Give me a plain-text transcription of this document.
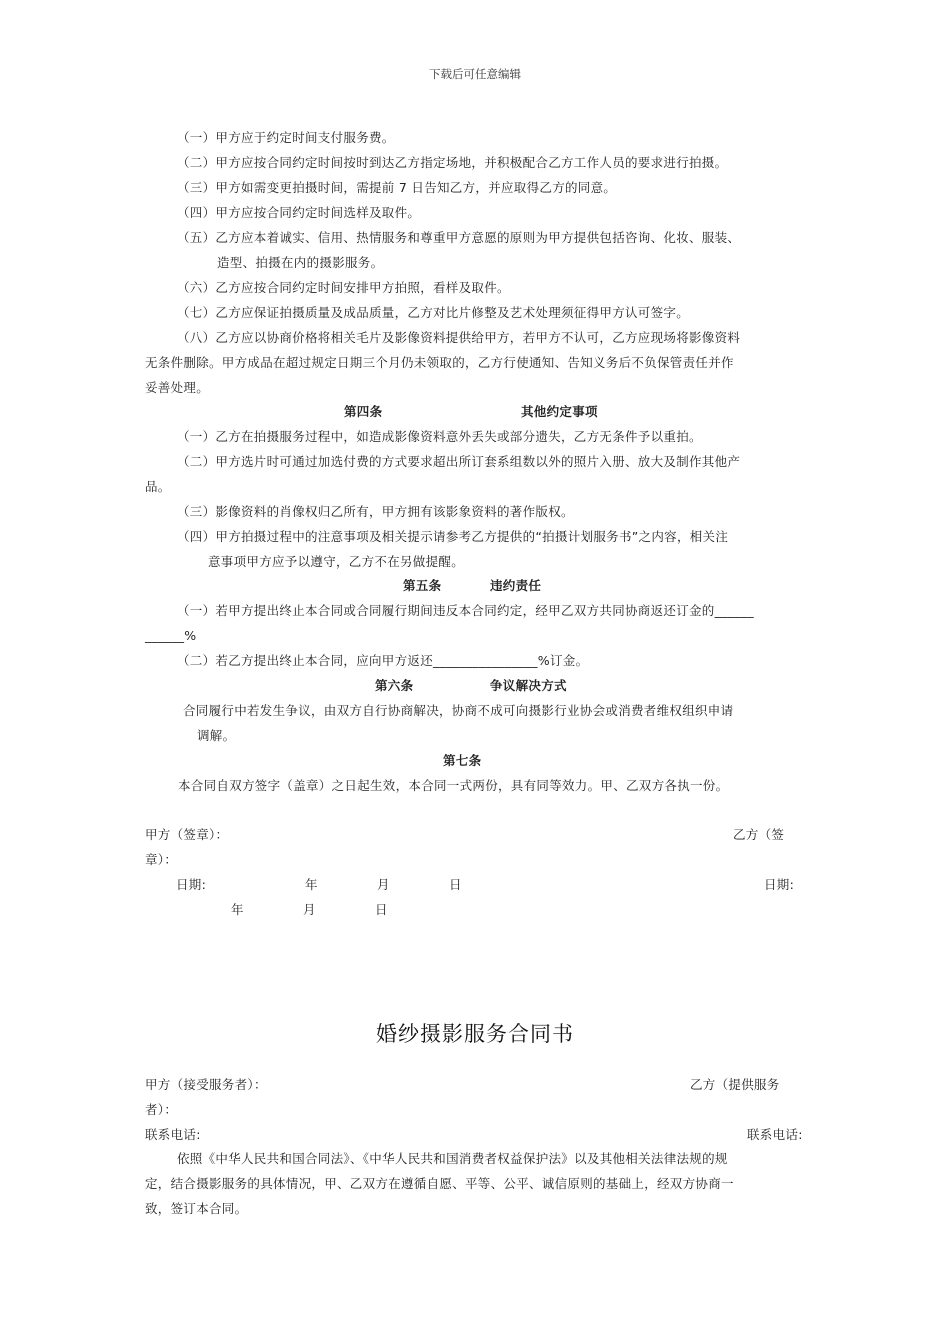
下载后可任意编辑
（一）甲方应于约定时间支付服务费。
（二）甲方应按合同约定时间按时到达乙方指定场地，并积极配合乙方工作人员的要求进行拍摄。
（三）甲方如需变更拍摄时间，需提前 7 日告知乙方，并应取得乙方的同意。
（四）甲方应按合同约定时间选样及取件。
（五）乙方应本着诚实、信用、热情服务和尊重甲方意愿的原则为甲方提供包括咨询、化妆、服装、
造型、拍摄在内的摄影服务。
（六）乙方应按合同约定时间安排甲方拍照，看样及取件。
（七）乙方应保证拍摄质量及成品质量，乙方对比片修整及艺术处理须征得甲方认可签字。
（八）乙方应以协商价格将相关毛片及影像资料提供给甲方，若甲方不认可，乙方应现场将影像资料
无条件删除。甲方成品在超过规定日期三个月仍未领取的，乙方行使通知、告知义务后不负保管责任并作
妥善处理。
第四条	其他约定事项
（一）乙方在拍摄服务过程中，如造成影像资料意外丢失或部分遗失，乙方无条件予以重拍。
（二）甲方选片时可通过加选付费的方式要求超出所订套系组数以外的照片入册、放大及制作其他产
品。
（三）影像资料的肖像权归乙所有，甲方拥有该影象资料的著作版权。
（四）甲方拍摄过程中的注意事项及相关提示请参考乙方提供的“拍摄计划服务书”之内容，相关注
意事项甲方应予以遵守，乙方不在另做提醒。
第五条	违约责任
（一）若甲方提出终止本合同或合同履行期间违反本合同约定，经甲乙双方共同协商返还订金的______
______%
（二）若乙方提出终止本合同，应向甲方返还________________%订金。
第六条	争议解决方式
合同履行中若发生争议，由双方自行协商解决，协商不成可向摄影行业协会或消费者维权组织申请
调解。
第七条
本合同自双方签字（盖章）之日起生效，本合同一式两份，具有同等效力。甲、乙双方各执一份。
甲方（签章）：	乙方（签
章）：
日期:	年	月	日	日期:
年	月	日
婚纱摄影服务合同书
甲方（接受服务者）：	乙方（提供服务
者）：
联系电话:	联系电话:
依照《中华人民共和国合同法》、《中华人民共和国消费者权益保护法》以及其他相关法律法规的规
定，结合摄影服务的具体情况，甲、乙双方在遵循自愿、平等、公平、诚信原则的基础上，经双方协商一
致，签订本合同。
